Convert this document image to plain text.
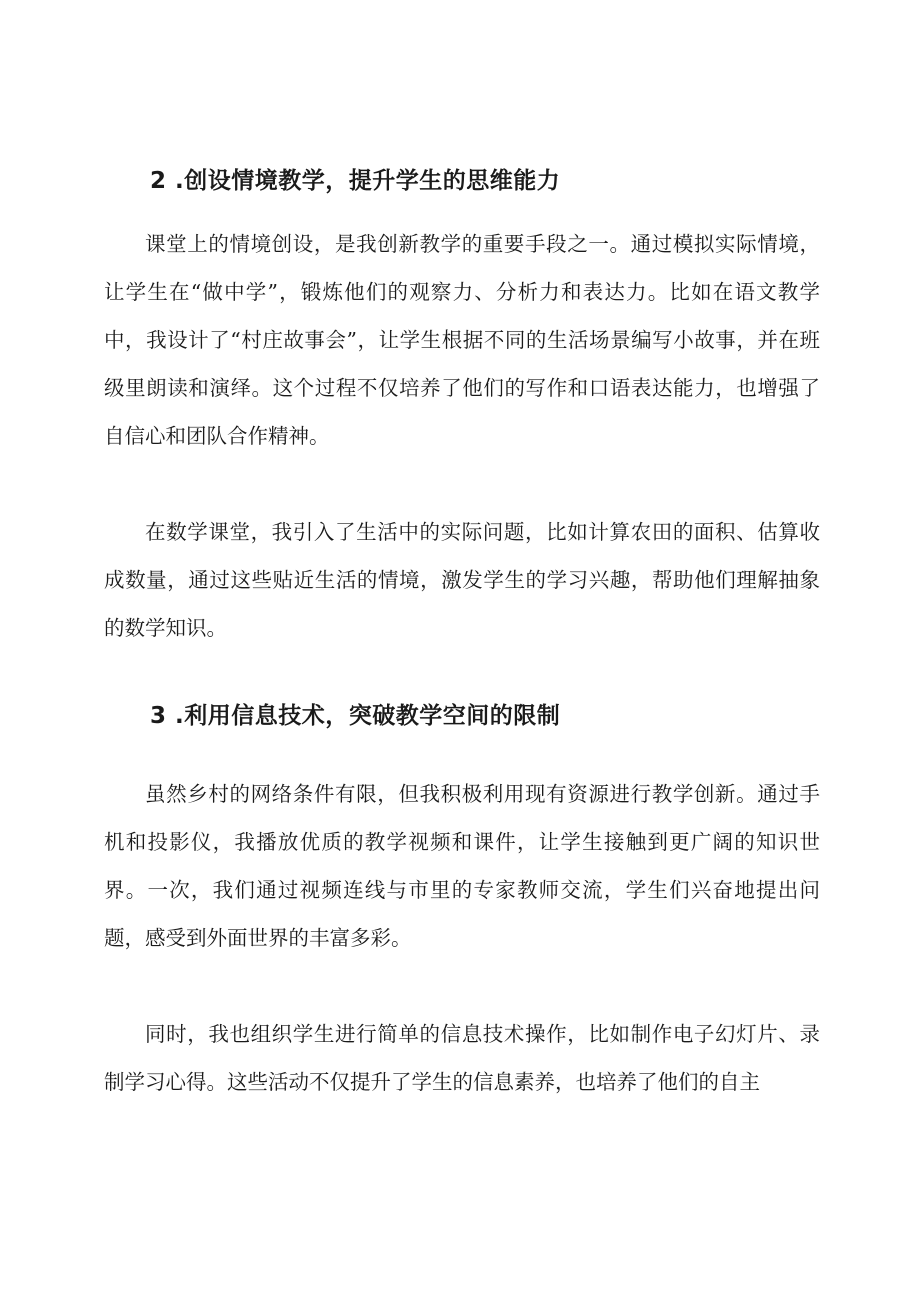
2 .创设情境教学，提升学生的思维能力

课堂上的情境创设，是我创新教学的重要手段之一。通过模拟实际情境，让学生在“做中学”，锻炼他们的观察力、分析力和表达力。比如在语文教学中，我设计了“村庄故事会”，让学生根据不同的生活场景编写小故事，并在班级里朗读和演绎。这个过程不仅培养了他们的写作和口语表达能力，也增强了自信心和团队合作精神。

在数学课堂，我引入了生活中的实际问题，比如计算农田的面积、估算收成数量，通过这些贴近生活的情境，激发学生的学习兴趣，帮助他们理解抽象的数学知识。

3 .利用信息技术，突破教学空间的限制

虽然乡村的网络条件有限，但我积极利用现有资源进行教学创新。通过手机和投影仪，我播放优质的教学视频和课件，让学生接触到更广阔的知识世界。一次，我们通过视频连线与市里的专家教师交流，学生们兴奋地提出问题，感受到外面世界的丰富多彩。

同时，我也组织学生进行简单的信息技术操作，比如制作电子幻灯片、录制学习心得。这些活动不仅提升了学生的信息素养，也培养了他们的自主
